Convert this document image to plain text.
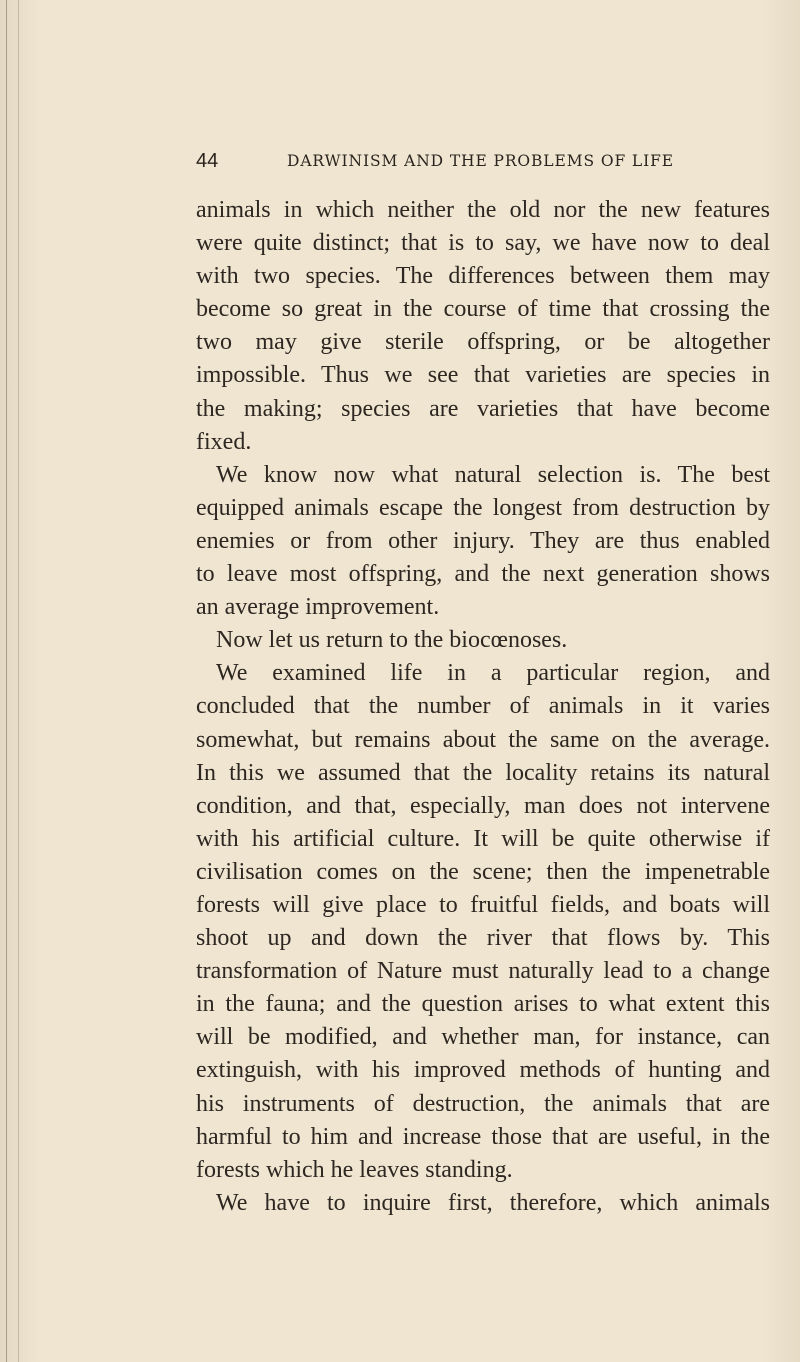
44	DARWINISM AND THE PROBLEMS OF LIFE
animals in which neither the old nor the new features
were quite distinct; that is to say, we have now to deal
with two species. The differences between them may
become so great in the course of time that crossing the
two may give sterile offspring, or be altogether
impossible. Thus we see that varieties are species in
the making; species are varieties that have become
fixed.
We know now what natural selection is. The best
equipped animals escape the longest from destruction by
enemies or from other injury. They are thus enabled
to leave most offspring, and the next generation shows
an average improvement.
Now let us return to the biocœnoses.
We examined life in a particular region, and
concluded that the number of animals in it varies
somewhat, but remains about the same on the average.
In this we assumed that the locality retains its natural
condition, and that, especially, man does not intervene
with his artificial culture. It will be quite otherwise if
civilisation comes on the scene; then the impenetrable
forests will give place to fruitful fields, and boats will
shoot up and down the river that flows by. This
transformation of Nature must naturally lead to a change
in the fauna; and the question arises to what extent this
will be modified, and whether man, for instance, can
extinguish, with his improved methods of hunting and
his instruments of destruction, the animals that are
harmful to him and increase those that are useful, in the
forests which he leaves standing.
We have to inquire first, therefore, which animals
